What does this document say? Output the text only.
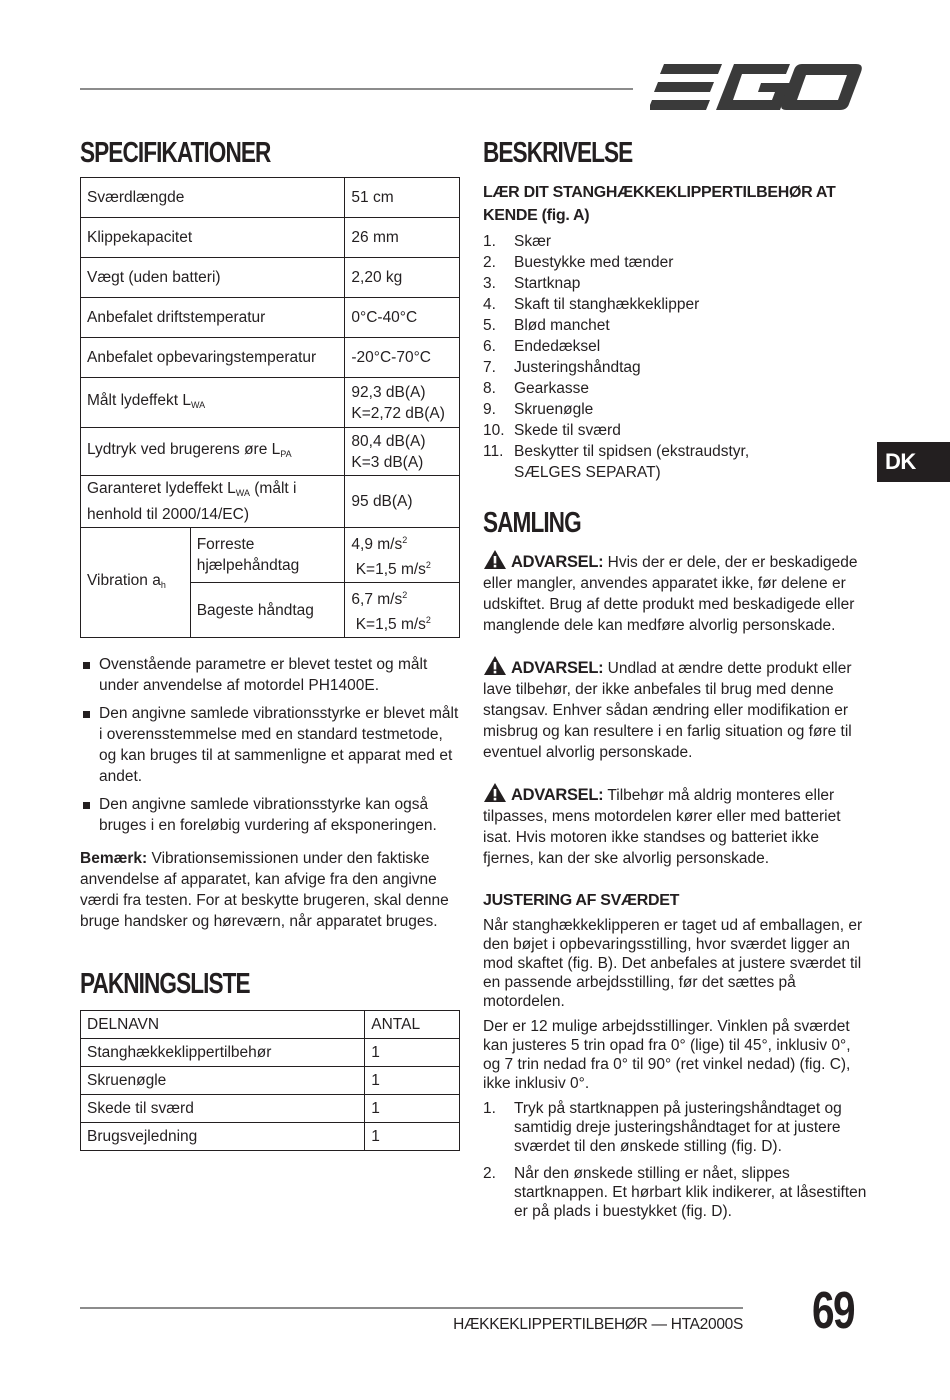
DK
SPECIFIKATIONER
Sværdlængde		51 cm
Klippekapacitet		26 mm
Vægt (uden batteri)		2,20 kg
Anbefalet driftstemperatur		0°C-40°C
Anbefalet opbevaringstemperatur		-20°C-70°C
Målt lydeffekt $L_{WA}$		92,3 dB(A)
K=2,72 dB(A)
Lydtryk ved brugerens øre $L_{PA}$		80,4 dB(A)
K=3 dB(A)
Garanteret lydeffekt $L_{WA}$ (målt i henhold til 2000/14/EC)		95 dB(A)
Vibration $a_h$	Forreste hjælpehåndtag	4,9 $m/s^2$
K=1,5 $m/s^2$
	Bageste håndtag	6,7 $m/s^2$
K=1,5 $m/s^2$
Ovenstående parametre er blevet testet og målt under anvendelse af motordel PH1400E.
Den angivne samlede vibrationsstyrke er blevet målt i overensstemmelse med en standard testmetode, og kan bruges til at sammenligne et apparat med et andet.
Den angivne samlede vibrationsstyrke kan også bruges i en foreløbig vurdering af eksponeringen.

Bemærk: Vibrationsemissionen under den faktiske anvendelse af apparatet, kan afvige fra den angivne værdi fra testen. For at beskytte brugeren, skal denne bruge handsker og høreværn, når apparatet bruges.

PAKNINGSLISTE
DELNAVN	ANTAL
Stanghækkeklippertilbehør	1
Skruenøgle	1
Skede til sværd	1
Brugsvejledning	1
BESKRIVELSE
LÆR DIT STANGHÆKKEKLIPPERTILBEHØR AT KENDE (fig. A)
1. Skær
2. Buestykke med tænder
3. Startknap
4. Skaft til stanghækkeklipper
5. Blød manchet
6. Endedæksel
7. Justeringshåndtag
8. Gearkasse
9. Skruenøgle
10. Skede til sværd
11. Beskytter til spidsen (ekstraudstyr, SÆLGES SEPARAT)
SAMLING

ADVARSEL: Hvis der er dele, der er beskadigede eller mangler, anvendes apparatet ikke, før delene er udskiftet. Brug af dette produkt med beskadigede eller manglende dele kan medføre alvorlig personskade.

ADVARSEL: Undlad at ændre dette produkt eller lave tilbehør, der ikke anbefales til brug med denne stangsav. Enhver sådan ændring eller modifikation er misbrug og kan resultere i en farlig situation og føre til eventuel alvorlig personskade.

ADVARSEL: Tilbehør må aldrig monteres eller tilpasses, mens motordelen kører eller med batteriet isat. Hvis motoren ikke standses og batteriet ikke fjernes, kan der ske alvorlig personskade.

JUSTERING AF SVÆRDET

Når stanghækkeklipperen er taget ud af emballagen, er den bøjet i opbevaringsstilling, hvor sværdet ligger an mod skaftet (fig. B). Det anbefales at justere sværdet til en passende arbejdsstilling, før det sættes på motordelen.

Der er 12 mulige arbejdsstillinger. Vinklen på sværdet kan justeres 5 trin opad fra 0° (lige) til 45°, inklusiv 0°, og 7 trin nedad fra 0° til 90° (ret vinkel nedad) (fig. C), ikke inklusiv 0°.

1. Tryk på startknappen på justeringshåndtaget og samtidig dreje justeringshåndtaget for at justere sværdet til den ønskede stilling (fig. D).
2. Når den ønskede stilling er nået, slippes startknappen. Et hørbart klik indikerer, at låsestiften er på plads i buestykket (fig. D).
HÆKKEKLIPPERTILBEHØR — HTA2000S 69
